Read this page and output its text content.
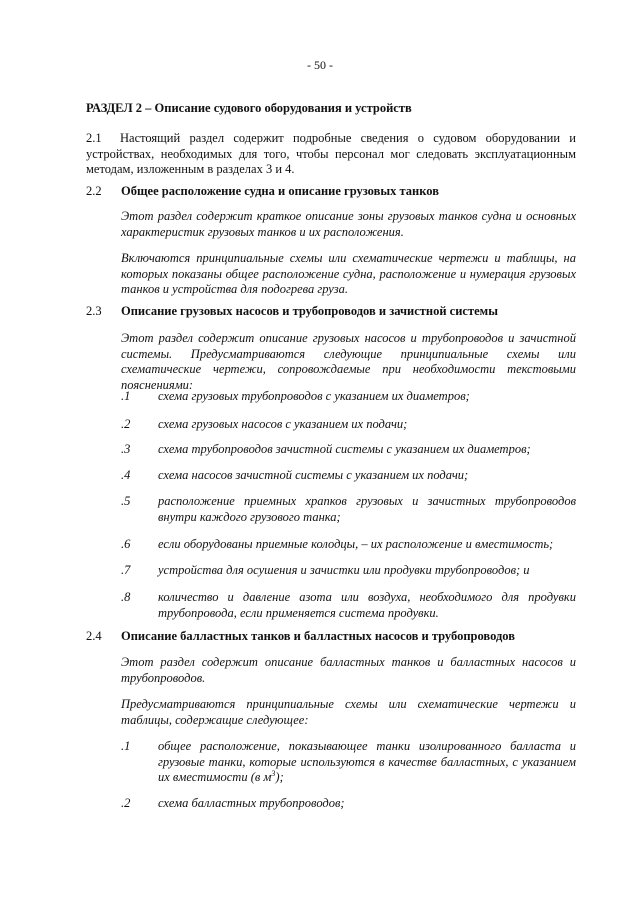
- 50 -
РАЗДЕЛ 2 – Описание судового оборудования и устройств
2.1	Настоящий раздел содержит подробные сведения о судовом оборудовании и устройствах, необходимых для того, чтобы персонал мог следовать эксплуатационным методам, изложенным в разделах 3 и 4.
2.2 Общее расположение судна и описание грузовых танков
Этот раздел содержит краткое описание зоны грузовых танков судна и основных характеристик грузовых танков и их расположения.
Включаются принципиальные схемы или схематические чертежи и таблицы, на которых показаны общее расположение судна, расположение и нумерация грузовых танков и устройства для подогрева груза.
2.3 Описание грузовых насосов и трубопроводов и зачистной системы
Этот раздел содержит описание грузовых насосов и трубопроводов и зачистной системы. Предусматриваются следующие принципиальные схемы или схематические чертежи, сопровождаемые при необходимости текстовыми пояснениями:
.1 схема грузовых трубопроводов с указанием их диаметров;
.2 схема грузовых насосов с указанием их подачи;
.3 схема трубопроводов зачистной системы с указанием их диаметров;
.4 схема насосов зачистной системы с указанием их подачи;
.5 расположение приемных храпков грузовых и зачистных трубопроводов внутри каждого грузового танка;
.6 если оборудованы приемные колодцы, – их расположение и вместимость;
.7 устройства для осушения и зачистки или продувки трубопроводов; и
.8 количество и давление азота или воздуха, необходимого для продувки трубопровода, если применяется система продувки.
2.4 Описание балластных танков и балластных насосов и трубопроводов
Этот раздел содержит описание балластных танков и балластных насосов и трубопроводов.
Предусматриваются принципиальные схемы или схематические чертежи и таблицы, содержащие следующее:
.1 общее расположение, показывающее танки изолированного балласта и грузовые танки, которые используются в качестве балластных, с указанием их вместимости (в $м^3$);
.2 схема балластных трубопроводов;
